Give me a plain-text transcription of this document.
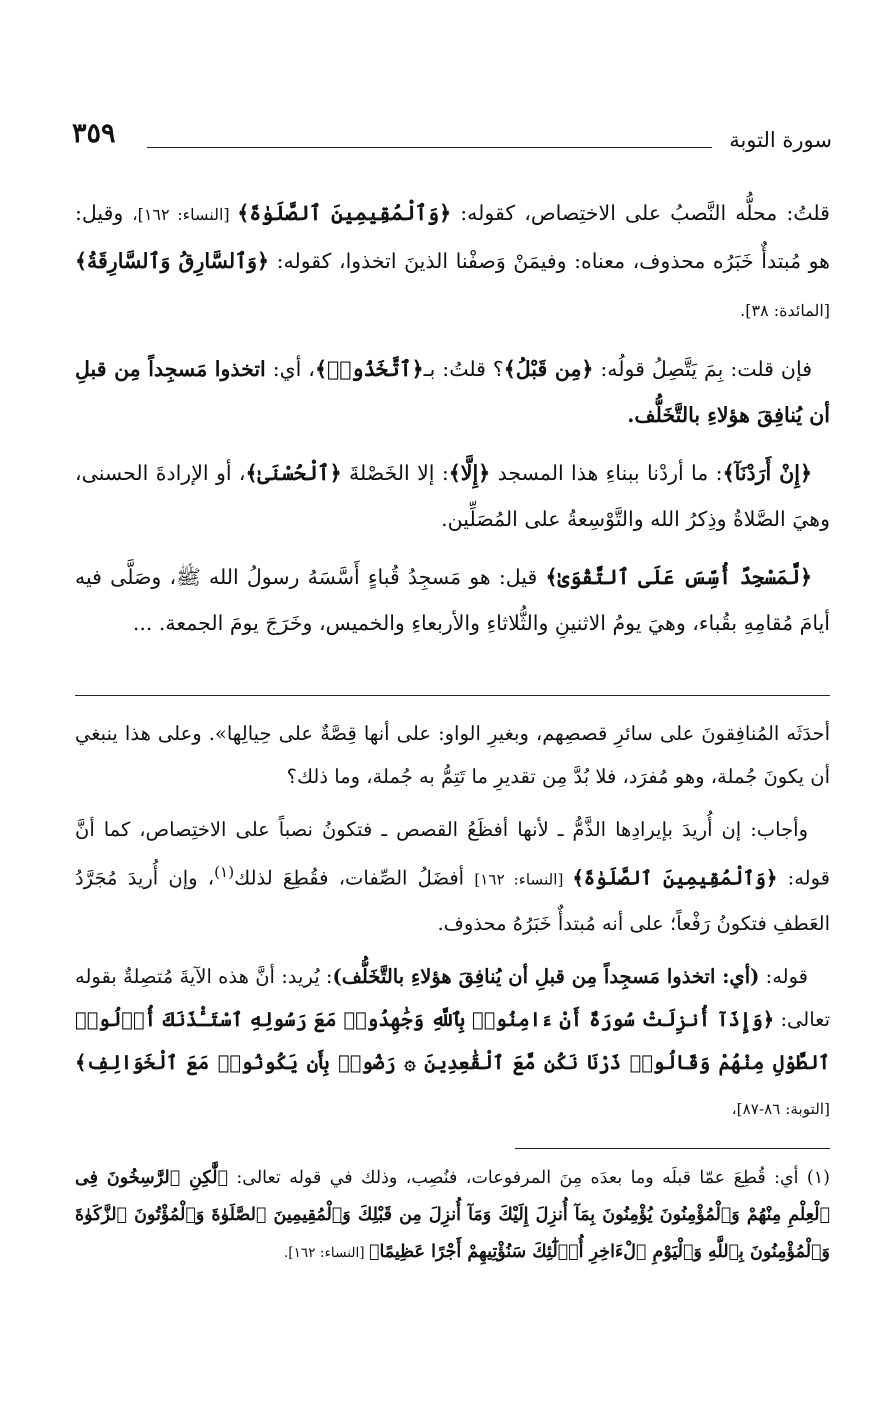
سورة التوبة
٣٥٩

قلتُ: محلُّه النَّصبُ على الاختِصاص، كقوله: ﴿وَٱلْمُقِيمِينَ ٱلصَّلَوٰةَ﴾ [النساء: ١٦٢]، وقيل: هو مُبتدأٌ خَبَرُه محذوف، معناه: وفيمَنْ وَصفْنا الذينَ اتخذوا، كقوله: ﴿وَٱلسَّارِقُ وَٱلسَّارِقَةُ﴾ [المائدة: ٣٨].

فإن قلت: بِمَ يَتَّصِلُ قولُه: ﴿مِن قَبْلُ﴾؟ قلتُ: بـ﴿ٱتَّخَذُوا۟﴾، أي: اتخذوا مَسجِداً مِن قبلِ أن يُنافِقَ هؤلاءِ بالتَّخَلُّف.

﴿إِنْ أَرَدْنَآ﴾: ما أردْنا ببناءِ هذا المسجد ﴿إِلَّا﴾: إلا الخَصْلةَ ﴿ٱلْحُسْنَىٰ﴾، أو الإرادةَ الحسنى، وهيَ الصَّلاةُ وذِكرُ الله والتَّوْسِعةُ على المُصَلِّين.

﴿لَّمَسْجِدٌ أُسِّسَ عَلَى ٱلتَّقْوَىٰ﴾ قيل: هو مَسجِدُ قُباءٍ أَسَّسَهُ رسولُ الله ﷺ، وصَلَّى فيه أيامَ مُقامِهِ بقُباء، وهيَ يومُ الاثنينِ والثُّلاثاءِ والأربعاءِ والخميس، وخَرَجَ يومَ الجمعة. ...

أحدَثَه المُنافِقونَ على سائرِ قصصِهم، وبغيرِ الواو: على أنها قِصَّةٌ على حِيالِها». وعلى هذا ينبغي أن يكونَ جُملة، وهو مُفرَد، فلا بُدَّ مِن تقديرِ ما تَتِمُّ به جُملة، وما ذلك؟

وأجاب: إن أُريدَ بإيرادِها الذَّمُّ ـ لأنها أفظَعُ القصص ـ فتكونُ نصباً على الاختِصاص، كما أنَّ قوله: ﴿وَٱلْمُقِيمِينَ ٱلصَّلَوٰةَ﴾ [النساء: ١٦٢] أفضَلُ الصِّفات، فقُطِعَ لذلك$^{(١)}$، وإن أُريدَ مُجَرَّدُ العَطفِ فتكونُ رَفْعاً؛ على أنه مُبتدأٌ خَبَرُهُ محذوف.

قوله: (أي: اتخذوا مَسجِداً مِن قبلِ أن يُنافِقَ هؤلاءِ بالتَّخَلُّف): يُريد: أنَّ هذه الآيةَ مُتصِلةٌ بقوله تعالى: ﴿وَإِذَآ أُنزِلَتْ سُورَةٌ أَنْ ءَامِنُوا۟ بِٱللَّهِ وَجَٰهِدُوا۟ مَعَ رَسُولِهِ ٱسْتَـْٔذَنَكَ أُو۟لُوا۟ ٱلطَّوْلِ مِنْهُمْ وَقَالُوا۟ ذَرْنَا نَكُن مَّعَ ٱلْقَٰعِدِينَ ۞ رَضُوا۟ بِأَن يَكُونُوا۟ مَعَ ٱلْخَوَالِفِ﴾ [التوبة: ٨٦-٨٧]،

(١) أي: قُطِعَ عمّا قبلَه وما بعدَه مِنَ المرفوعات، فنُصِب، وذلك في قوله تعالى: ﴿لَّٰكِنِ ٱلرَّٰسِخُونَ فِى ٱلْعِلْمِ مِنْهُمْ وَٱلْمُؤْمِنُونَ يُؤْمِنُونَ بِمَآ أُنزِلَ إِلَيْكَ وَمَآ أُنزِلَ مِن قَبْلِكَ وَٱلْمُقِيمِينَ ٱلصَّلَوٰةَ وَٱلْمُؤْتُونَ ٱلزَّكَوٰةَ وَٱلْمُؤْمِنُونَ بِٱللَّهِ وَٱلْيَوْمِ ٱلْءَاخِرِ أُو۟لَٰٓئِكَ سَنُؤْتِيهِمْ أَجْرًا عَظِيمًا﴾ [النساء: ١٦٢].
